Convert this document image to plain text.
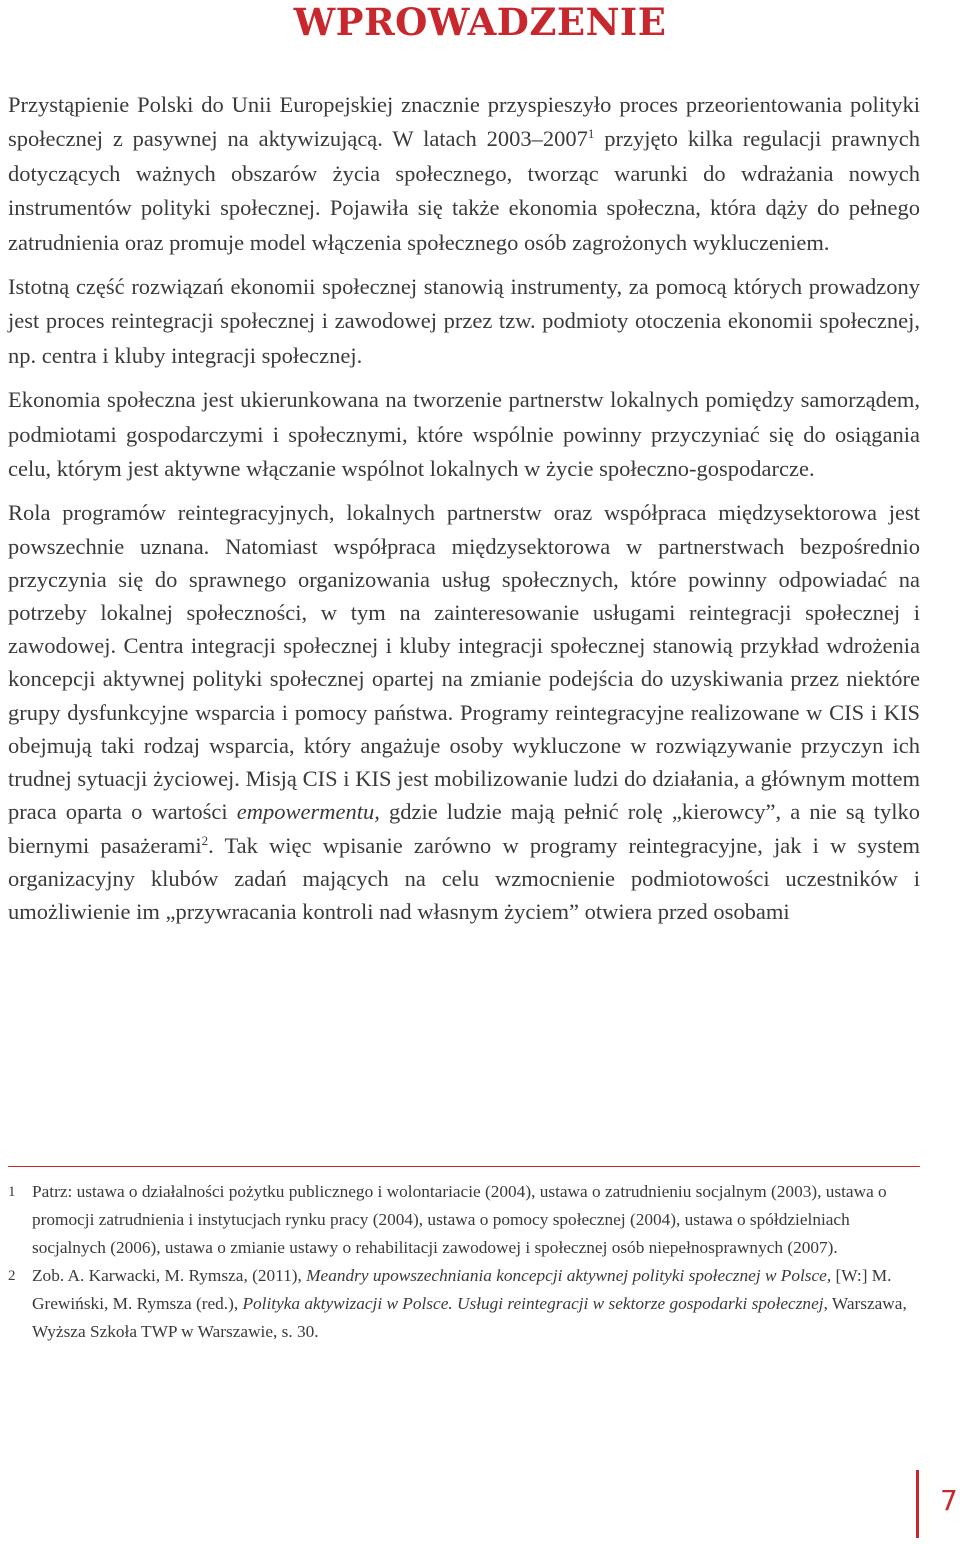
WPROWADZENIE

Przystąpienie Polski do Unii Europejskiej znacznie przyspieszyło proces przeorientowania polityki społecznej z pasywnej na aktywizującą. W latach 2003–2007$^1$ przyjęto kilka regulacji prawnych dotyczących ważnych obszarów życia społecznego, tworząc warunki do wdrażania nowych instrumentów polityki społecznej. Pojawiła się także ekonomia społeczna, która dąży do pełnego zatrudnienia oraz promuje model włączenia społecznego osób zagrożonych wykluczeniem.

Istotną część rozwiązań ekonomii społecznej stanowią instrumenty, za pomocą których prowadzony jest proces reintegracji społecznej i zawodowej przez tzw. podmioty otoczenia ekonomii społecznej, np. centra i kluby integracji społecznej.

Ekonomia społeczna jest ukierunkowana na tworzenie partnerstw lokalnych pomiędzy samorządem, podmiotami gospodarczymi i społecznymi, które wspólnie powinny przyczyniać się do osiągania celu, którym jest aktywne włączanie wspólnot lokalnych w życie społeczno-gospodarcze.

Rola programów reintegracyjnych, lokalnych partnerstw oraz współpraca międzysektorowa jest powszechnie uznana. Natomiast współpraca międzysektorowa w partnerstwach bezpośrednio przyczynia się do sprawnego organizowania usług społecznych, które powinny odpowiadać na potrzeby lokalnej społeczności, w tym na zainteresowanie usługami reintegracji społecznej i zawodowej. Centra integracji społecznej i kluby integracji społecznej stanowią przykład wdrożenia koncepcji aktywnej polityki społecznej opartej na zmianie podejścia do uzyskiwania przez niektóre grupy dysfunkcyjne wsparcia i pomocy państwa. Programy reintegracyjne realizowane w CIS i KIS obejmują taki rodzaj wsparcia, który angażuje osoby wykluczone w rozwiązywanie przyczyn ich trudnej sytuacji życiowej. Misją CIS i KIS jest mobilizowanie ludzi do działania, a głównym mottem praca oparta o wartości empowermentu, gdzie ludzie mają pełnić rolę „kierowcy”, a nie są tylko biernymi pasażerami$^2$. Tak więc wpisanie zarówno w programy reintegracyjne, jak i w system organizacyjny klubów zadań mających na celu wzmocnienie podmiotowości uczestników i umożliwienie im „przywracania kontroli nad własnym życiem” otwiera przed osobami

1 Patrz: ustawa o działalności pożytku publicznego i wolontariacie (2004), ustawa o zatrudnieniu socjalnym (2003), ustawa o promocji zatrudnienia i instytucjach rynku pracy (2004), ustawa o pomocy społecznej (2004), ustawa o spółdzielniach socjalnych (2006), ustawa o zmianie ustawy o rehabilitacji zawodowej i społecznej osób niepełnosprawnych (2007).
2 Zob. A. Karwacki, M. Rymsza, (2011), Meandry upowszechniania koncepcji aktywnej polityki społecznej w Polsce, [W:] M. Grewiński, M. Rymsza (red.), Polityka aktywizacji w Polsce. Usługi reintegracji w sektorze gospodarki społecznej, Warszawa, Wyższa Szkoła TWP w Warszawie, s. 30.
7
